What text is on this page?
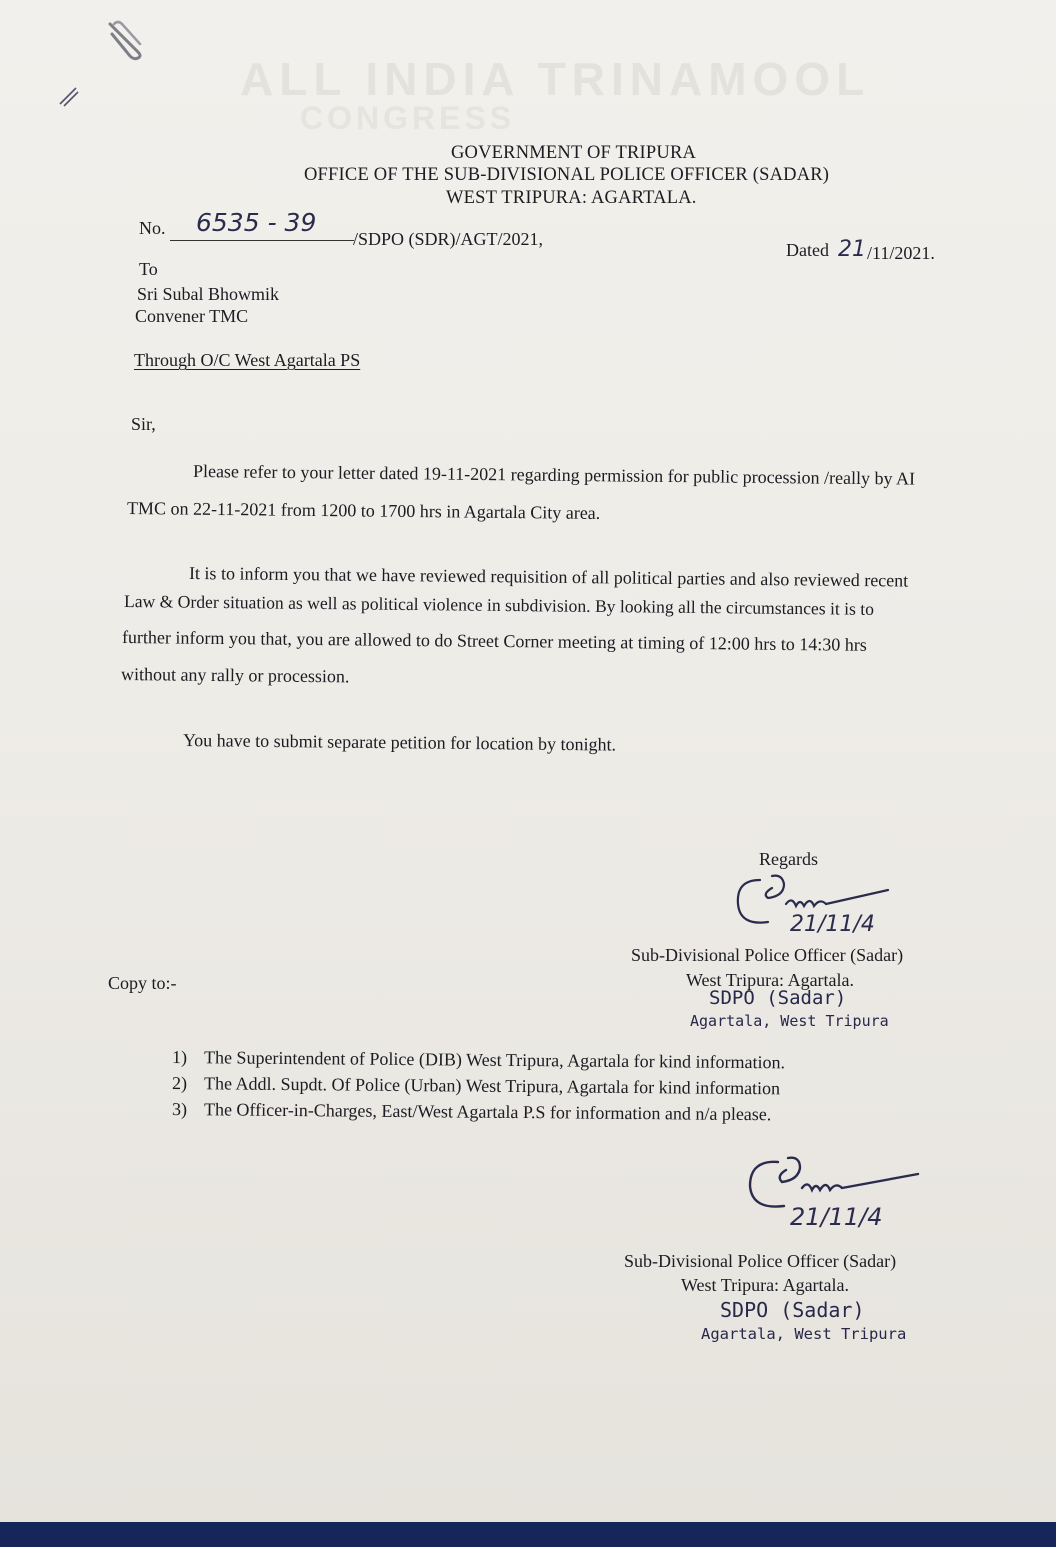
ALL INDIA TRINAMOOL
CONGRESS
GOVERNMENT OF TRIPURA
OFFICE OF THE SUB-DIVISIONAL POLICE OFFICER (SADAR)
WEST TRIPURA: AGARTALA.
No. 6535 - 39
/SDPO (SDR)/AGT/2021,
Dated 21 /11/2021.
To
Sri Subal Bhowmik
Convener TMC
Through O/C West Agartala PS
Sir,
Please refer to your letter dated 19-11-2021 regarding permission for public procession /really by AI
TMC on 22-11-2021 from 1200 to 1700 hrs in Agartala City area.
It is to inform you that we have reviewed requisition of all political parties and also reviewed recent
Law & Order situation as well as political violence in subdivision. By looking all the circumstances it is to
further inform you that, you are allowed to do Street Corner meeting at timing of 12:00 hrs to 14:30 hrs
without any rally or procession.
You have to submit separate petition for location by tonight.
Regards
21/11/4
Sub-Divisional Police Officer (Sadar)
West Tripura: Agartala.
SDPO (Sadar)
Agartala, West Tripura
Copy to:-
1) The Superintendent of Police (DIB) West Tripura, Agartala for kind information.
2) The Addl. Supdt. Of Police (Urban) West Tripura, Agartala for kind information
3) The Officer-in-Charges, East/West Agartala P.S for information and n/a please.
21/11/4
Sub-Divisional Police Officer (Sadar)
West Tripura: Agartala.
SDPO (Sadar)
Agartala, West Tripura
